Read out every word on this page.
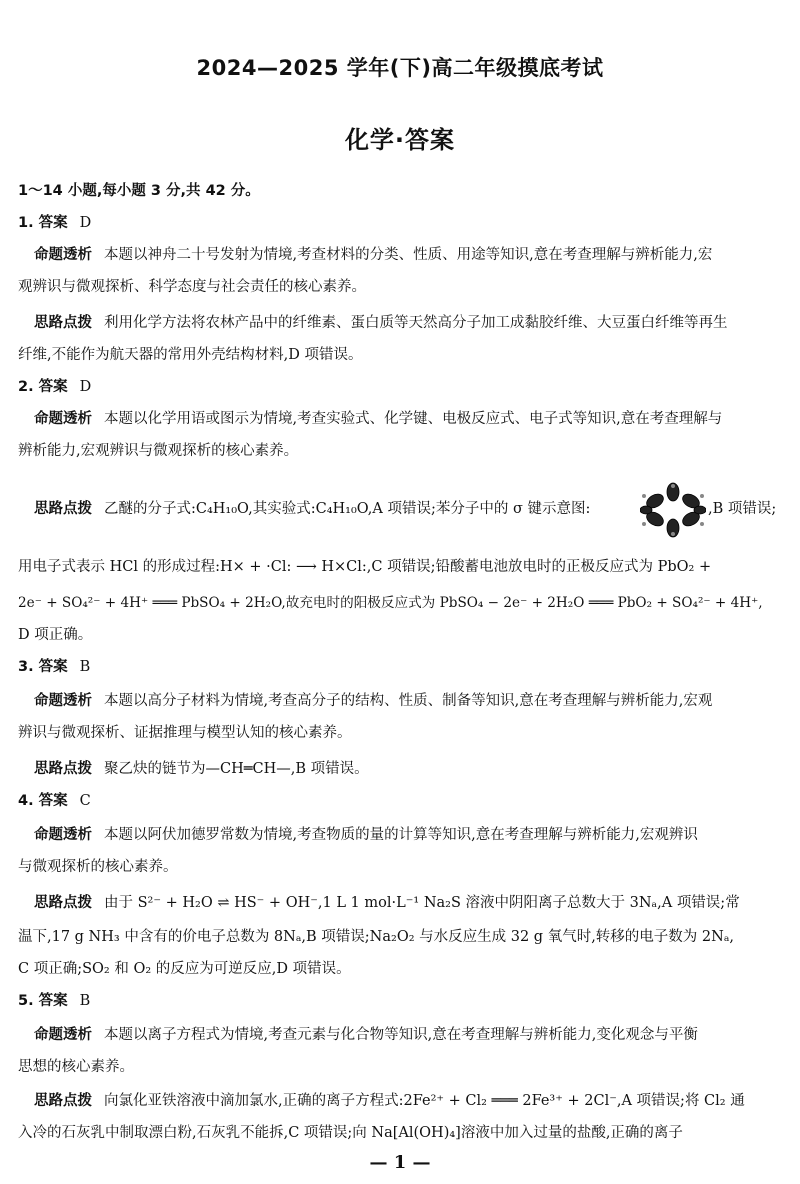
2024—2025 学年(下)高二年级摸底考试
化学·答案
1～14 小题,每小题 3 分,共 42 分。
1. 答案 D
命题透析 本题以神舟二十号发射为情境,考查材料的分类、性质、用途等知识,意在考查理解与辨析能力,宏
观辨识与微观探析、科学态度与社会责任的核心素养。
思路点拨 利用化学方法将农林产品中的纤维素、蛋白质等天然高分子加工成黏胶纤维、大豆蛋白纤维等再生
纤维,不能作为航天器的常用外壳结构材料,D 项错误。
2. 答案 D
命题透析 本题以化学用语或图示为情境,考查实验式、化学键、电极反应式、电子式等知识,意在考查理解与
辨析能力,宏观辨识与微观探析的核心素养。
思路点拨 乙醚的分子式:C₄H₁₀O,其实验式:C₄H₁₀O,A 项错误;苯分子中的 σ 键示意图:	,B 项错误;
用电子式表示 HCl 的形成过程:H× + ·Cl: ⟶ H×Cl:,C 项错误;铅酸蓄电池放电时的正极反应式为 PbO₂ +
2e⁻ + SO₄²⁻ + 4H⁺ ═══ PbSO₄ + 2H₂O,故充电时的阳极反应式为 PbSO₄ − 2e⁻ + 2H₂O ═══ PbO₂ + SO₄²⁻ + 4H⁺,
D 项正确。
3. 答案 B
命题透析 本题以高分子材料为情境,考查高分子的结构、性质、制备等知识,意在考查理解与辨析能力,宏观
辨识与微观探析、证据推理与模型认知的核心素养。
思路点拨 聚乙炔的链节为—CH═CH—,B 项错误。
4. 答案 C
命题透析 本题以阿伏加德罗常数为情境,考查物质的量的计算等知识,意在考查理解与辨析能力,宏观辨识
与微观探析的核心素养。
思路点拨 由于 S²⁻ + H₂O ⇌ HS⁻ + OH⁻,1 L 1 mol·L⁻¹ Na₂S 溶液中阴阳离子总数大于 3Nₐ,A 项错误;常
温下,17 g NH₃ 中含有的价电子总数为 8Nₐ,B 项错误;Na₂O₂ 与水反应生成 32 g 氧气时,转移的电子数为 2Nₐ,
C 项正确;SO₂ 和 O₂ 的反应为可逆反应,D 项错误。
5. 答案 B
命题透析 本题以离子方程式为情境,考查元素与化合物等知识,意在考查理解与辨析能力,变化观念与平衡
思想的核心素养。
思路点拨 向氯化亚铁溶液中滴加氯水,正确的离子方程式:2Fe²⁺ + Cl₂ ═══ 2Fe³⁺ + 2Cl⁻,A 项错误;将 Cl₂ 通
入冷的石灰乳中制取漂白粉,石灰乳不能拆,C 项错误;向 Na[Al(OH)₄]溶液中加入过量的盐酸,正确的离子
— 1 —
